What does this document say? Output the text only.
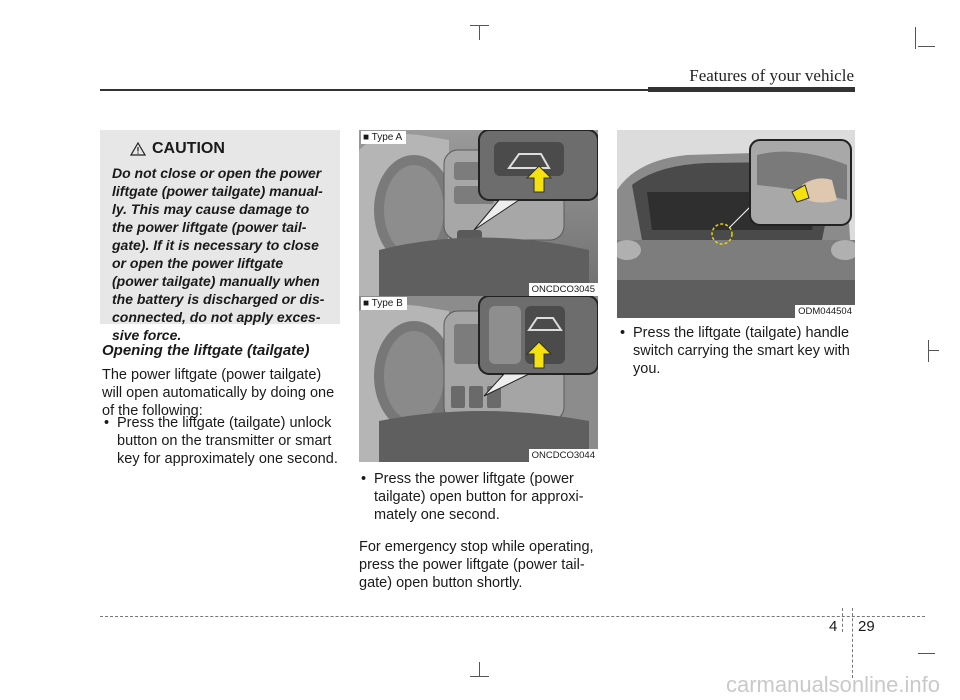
Features of your vehicle
CAUTION

Do not close or open the power
liftgate (power tailgate) manual-
ly. This may cause damage to
the power liftgate (power tail-
gate). If it is necessary to close
or open the power liftgate
(power tailgate) manually when
the battery is discharged or dis-
connected, do not apply exces-
sive force.

Opening the liftgate (tailgate)

The power liftgate (power tailgate)
will open automatically by doing one
of the following:

• Press the liftgate (tailgate) unlock
button on the transmitter or smart
key for approximately one second.
■ Type A
ONCDCO3045
■ Type B
ONCDCO3044
• Press the power liftgate (power
tailgate) open button for approxi-
mately one second.

For emergency stop while operating,
press the power liftgate (power tail-
gate) open button shortly.

ODM044504
• Press the liftgate (tailgate) handle
switch carrying the smart key with
you.
4 29
carmanualsonline.info
